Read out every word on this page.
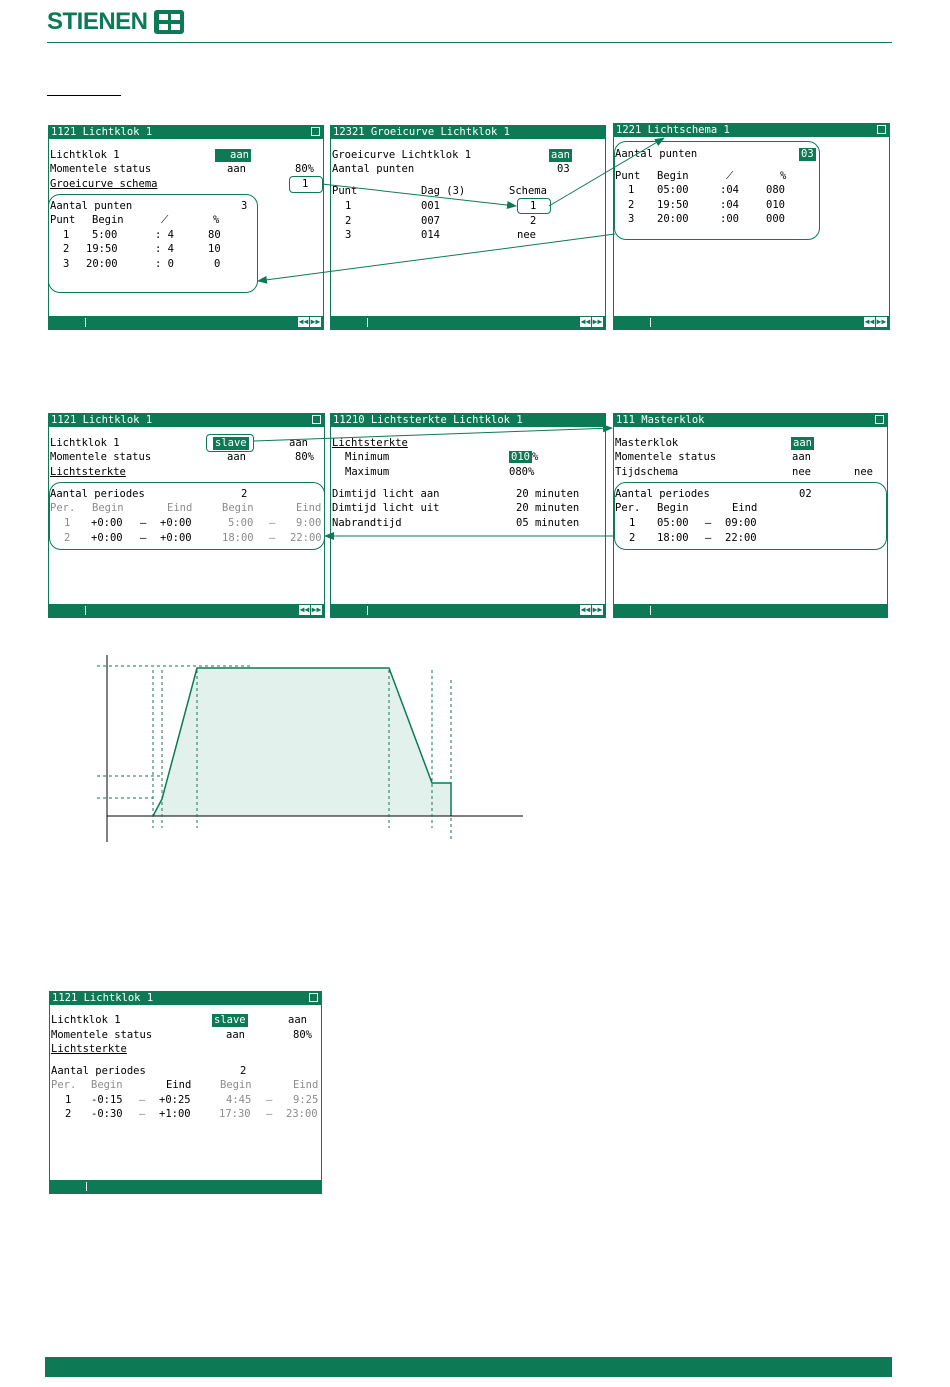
STIENEN
1121 Lichtklok 1
Lichtklok 1	aan
Momentele status	aan	80%
Groeicurve schema	1
Aantal punten	3
Punt Begin	⟋	%
1 5:00	: 4	80
2 19:50	: 4	10
3 20:00	: 0	0
◀◀ ▶▶
12321 Groeicurve Lichtklok 1
Groeicurve Lichtklok 1	aan
Aantal punten	03
Punt	Dag (3)	Schema
1	001	1
2	007	2
3	014	nee
◀◀ ▶▶
1221 Lichtschema 1
Aantal punten	03
Punt Begin	⟋	%
1 05:00	:04	080
2 19:50	:04	010
3 20:00	:00	000
◀◀ ▶▶
1121 Lichtklok 1
Lichtklok 1	slave	aan
Momentele status	aan	80%
Lichtsterkte
Aantal periodes	2
Per. Begin	Eind	Begin	Eind
1 +0:00 – +0:00	5:00 – 9:00
2 +0:00 – +0:00	18:00 – 22:00
◀◀ ▶▶
11210 Lichtsterkte Lichtklok 1
Lichtsterkte
Minimum	010 %
Maximum	080%
Dimtijd licht aan	20 minuten
Dimtijd licht uit	20 minuten
Nabrandtijd	05 minuten
◀◀ ▶▶
111 Masterklok
Masterklok	aan
Momentele status	aan
Tijdschema	nee	nee
Aantal periodes	02
Per. Begin	Eind
1 05:00 – 09:00
2 18:00 – 22:00
1121 Lichtklok 1
Lichtklok 1	slave	aan
Momentele status	aan	80%
Lichtsterkte
Aantal periodes	2
Per. Begin	Eind	Begin	Eind
1 -0:15 – +0:25	4:45 – 9:25
2 -0:30 – +1:00	17:30 – 23:00
